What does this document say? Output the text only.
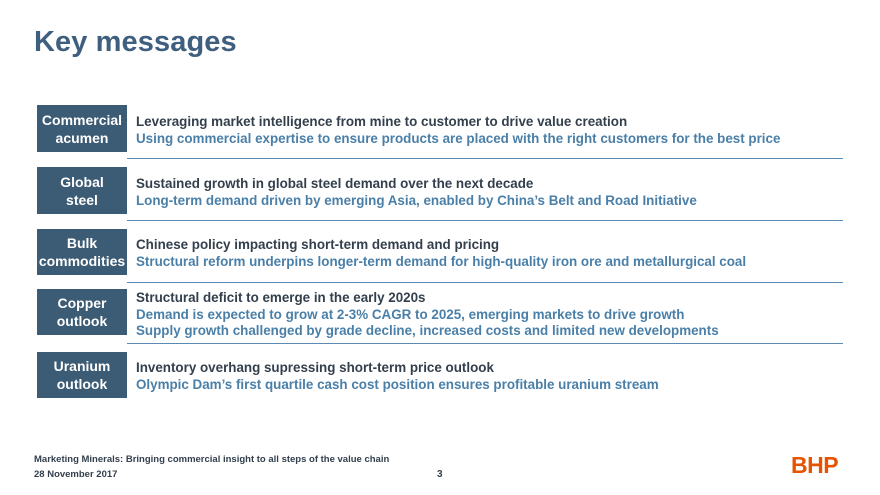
Key messages
Commercial
acumen
Leveraging market intelligence from mine to customer to drive value creation
Using commercial expertise to ensure products are placed with the right customers for the best price
Global
steel
Sustained growth in global steel demand over the next decade
Long-term demand driven by emerging Asia, enabled by China’s Belt and Road Initiative
Bulk
commodities
Chinese policy impacting short-term demand and pricing
Structural reform underpins longer-term demand for high-quality iron ore and metallurgical coal
Copper
outlook
Structural deficit to emerge in the early 2020s
Demand is expected to grow at 2-3% CAGR to 2025, emerging markets to drive growth
Supply growth challenged by grade decline, increased costs and limited new developments
Uranium
outlook
Inventory overhang supressing short-term price outlook
Olympic Dam’s first quartile cash cost position ensures profitable uranium stream
Marketing Minerals: Bringing commercial insight to all steps of the value chain
28 November 2017	3	BHP
